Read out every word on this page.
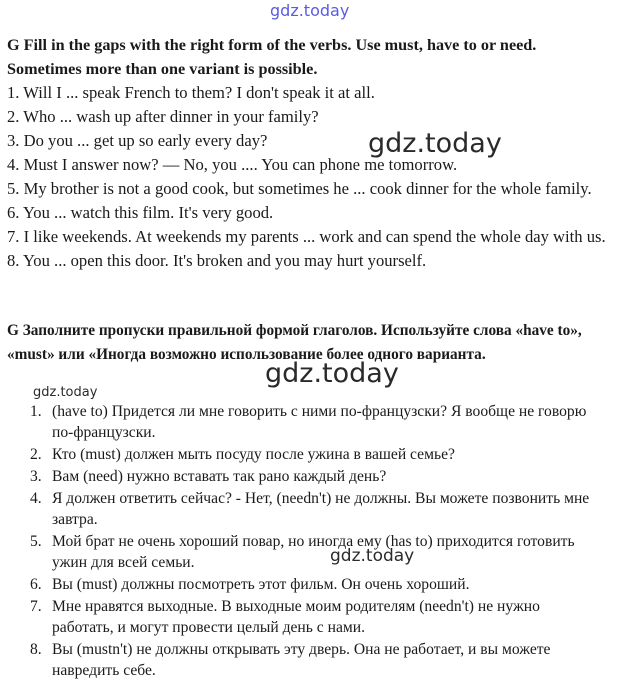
gdz.today
G Fill in the gaps with the right form of the verbs. Use must, have to or need.
Sometimes more than one variant is possible.
1. Will I ... speak French to them? I don't speak it at all.
2. Who ... wash up after dinner in your family?
3. Do you ... get up so early every day?
4. Must I answer now? — No, you .... You can phone me tomorrow.
5. My brother is not a good cook, but sometimes he ... cook dinner for the whole family.
6. You ... watch this film. It's very good.
7. I like weekends. At weekends my parents ... work and can spend the whole day with us.
8. You ... open this door. It's broken and you may hurt yourself.
gdz.today
G Заполните пропуски правильной формой глаголов. Используйте слова «have to», «must» или «Иногда возможно использование более одного варианта.
gdz.today
gdz.today
1. (have to) Придется ли мне говорить с ними по-французски? Я вообще не говорю по-французски.
2. Кто (must) должен мыть посуду после ужина в вашей семье?
3. Вам (need) нужно вставать так рано каждый день?
4. Я должен ответить сейчас? - Нет, (needn't) не должны. Вы можете позвонить мне завтра.
5. Мой брат не очень хороший повар, но иногда ему (has to) приходится готовить ужин для всей семьи.
6. Вы (must) должны посмотреть этот фильм. Он очень хороший.
7. Мне нравятся выходные. В выходные моим родителям (needn't) не нужно работать, и могут провести целый день с нами.
8. Вы (mustn't) не должны открывать эту дверь. Она не работает, и вы можете навредить себе.
gdz.today
